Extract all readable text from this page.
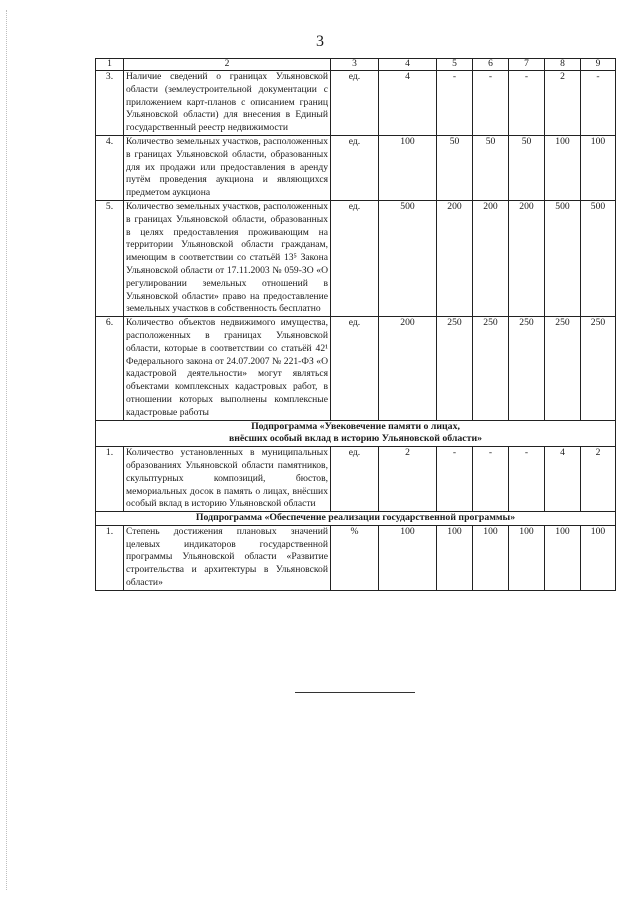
3
1	2	3	4	5	6	7	8	9
3.	Наличие сведений о границах Ульяновской области (землеустроительной документации с приложением карт-планов с описанием границ Ульяновской области) для внесения в Единый государственный реестр недвижимости	ед.	4	-	-	-	2	-
4.	Количество земельных участков, расположенных в границах Ульяновской области, образованных для их продажи или предоставления в аренду путём проведения аукциона и являющихся предметом аукциона	ед.	100	50	50	50	100	100
5.	Количество земельных участков, расположенных в границах Ульяновской области, образованных в целях предоставления проживающим на территории Ульяновской области гражданам, имеющим в соответствии со статьёй 13⁵ Закона Ульяновской области от 17.11.2003 № 059-ЗО «О регулировании земельных отношений в Ульяновской области» право на предоставление земельных участков в собственность бесплатно	ед.	500	200	200	200	500	500
6.	Количество объектов недвижимого имущества, расположенных в границах Ульяновской области, которые в соответствии со статьёй 42¹ Федерального закона от 24.07.2007 № 221-ФЗ «О кадастровой деятельности» могут являться объектами комплексных кадастровых работ, в отношении которых выполнены комплексные кадастровые работы	ед.	200	250	250	250	250	250

Подпрограмма «Увековечение памяти о лицах,
внёсших особый вклад в историю Ульяновской области»								

1.	Количество установленных в муниципальных образованиях Ульяновской области памятников, скульптурных композиций, бюстов, мемориальных досок в память о лицах, внёсших особый вклад в историю Ульяновской области	ед.	2	-	-	-	4	2
Подпрограмма «Обеспечение реализации государственной программы»								
1.	Степень достижения плановых значений целевых индикаторов государственной программы Ульяновской области «Развитие строительства и архитектуры в Ульяновской области»	%	100	100	100	100	100	100
